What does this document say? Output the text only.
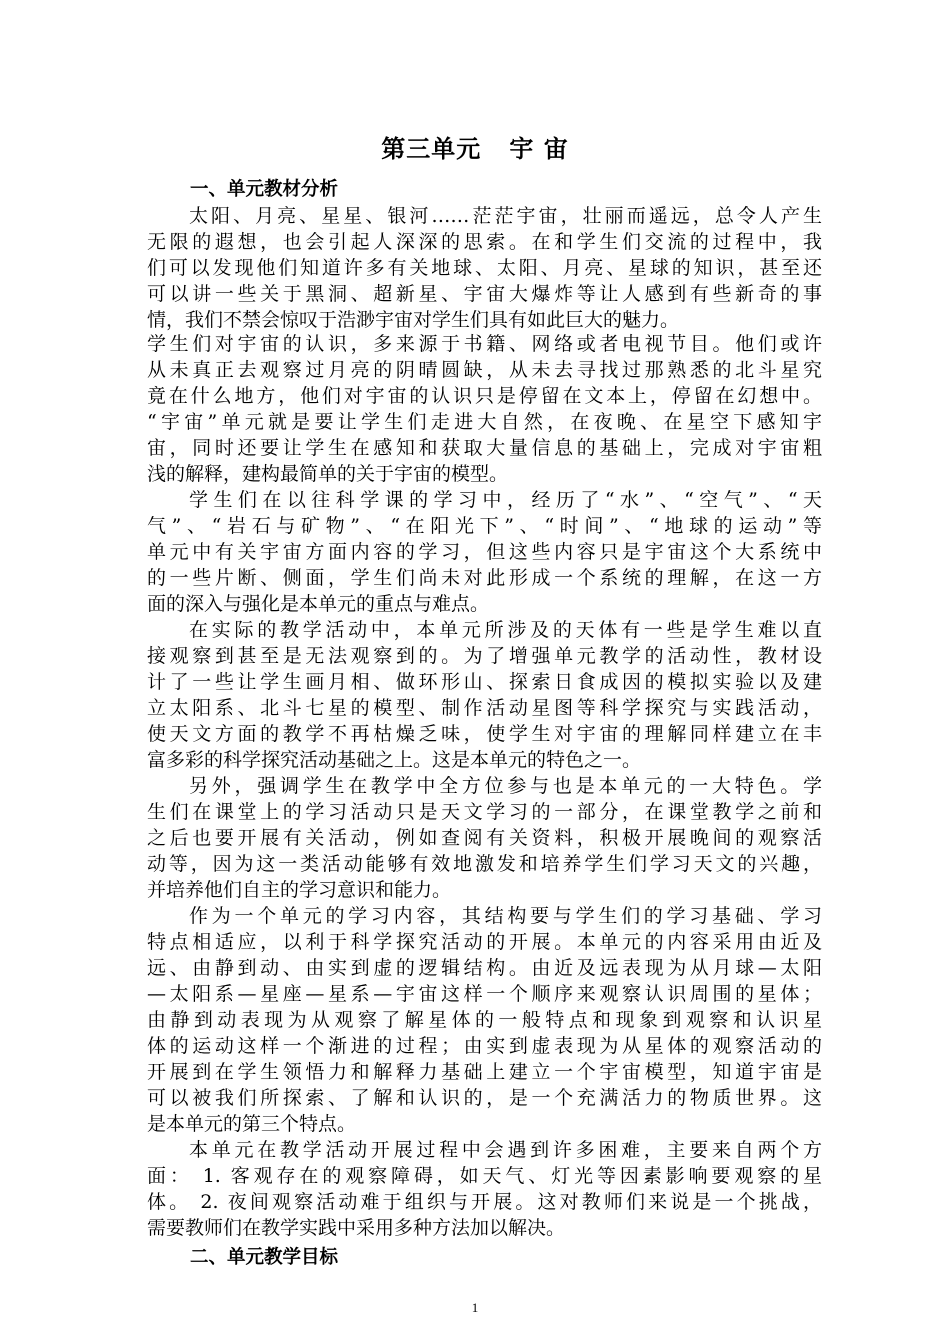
第三单元   宇 宙
一、单元教材分析
太阳、月亮、星星、银河……茫茫宇宙，壮丽而遥远，总令人产生
无限的遐想，也会引起人深深的思索。在和学生们交流的过程中，我
们可以发现他们知道许多有关地球、太阳、月亮、星球的知识，甚至还
可以讲一些关于黑洞、超新星、宇宙大爆炸等让人感到有些新奇的事
情，我们不禁会惊叹于浩渺宇宙对学生们具有如此巨大的魅力。
学生们对宇宙的认识，多来源于书籍、网络或者电视节目。他们或许
从未真正去观察过月亮的阴晴圆缺，从未去寻找过那熟悉的北斗星究
竟在什么地方，他们对宇宙的认识只是停留在文本上，停留在幻想中。
“宇宙”单元就是要让学生们走进大自然，在夜晚、在星空下感知宇
宙，同时还要让学生在感知和获取大量信息的基础上，完成对宇宙粗
浅的解释，建构最简单的关于宇宙的模型。
学生们在以往科学课的学习中，经历了“水”、“空气”、“天
气”、“岩石与矿物”、“在阳光下”、“时间”、“地球的运动”等
单元中有关宇宙方面内容的学习，但这些内容只是宇宙这个大系统中
的一些片断、侧面，学生们尚未对此形成一个系统的理解，在这一方
面的深入与强化是本单元的重点与难点。
在实际的教学活动中，本单元所涉及的天体有一些是学生难以直
接观察到甚至是无法观察到的。为了增强单元教学的活动性，教材设
计了一些让学生画月相、做环形山、探索日食成因的模拟实验以及建
立太阳系、北斗七星的模型、制作活动星图等科学探究与实践活动，
使天文方面的教学不再枯燥乏味，使学生对宇宙的理解同样建立在丰
富多彩的科学探究活动基础之上。这是本单元的特色之一。
另外，强调学生在教学中全方位参与也是本单元的一大特色。学
生们在课堂上的学习活动只是天文学习的一部分，在课堂教学之前和
之后也要开展有关活动，例如查阅有关资料，积极开展晚间的观察活
动等，因为这一类活动能够有效地激发和培养学生们学习天文的兴趣，
并培养他们自主的学习意识和能力。
作为一个单元的学习内容，其结构要与学生们的学习基础、学习
特点相适应，以利于科学探究活动的开展。本单元的内容采用由近及
远、由静到动、由实到虚的逻辑结构。由近及远表现为从月球—太阳
—太阳系—星座—星系—宇宙这样一个顺序来观察认识周围的星体；
由静到动表现为从观察了解星体的一般特点和现象到观察和认识星
体的运动这样一个渐进的过程；由实到虚表现为从星体的观察活动的
开展到在学生领悟力和解释力基础上建立一个宇宙模型，知道宇宙是
可以被我们所探索、了解和认识的，是一个充满活力的物质世界。这
是本单元的第三个特点。
本单元在教学活动开展过程中会遇到许多困难，主要来自两个方
面： 1. 客观存在的观察障碍，如天气、灯光等因素影响要观察的星
体。 2. 夜间观察活动难于组织与开展。这对教师们来说是一个挑战，
需要教师们在教学实践中采用多种方法加以解决。
二、单元教学目标
1
